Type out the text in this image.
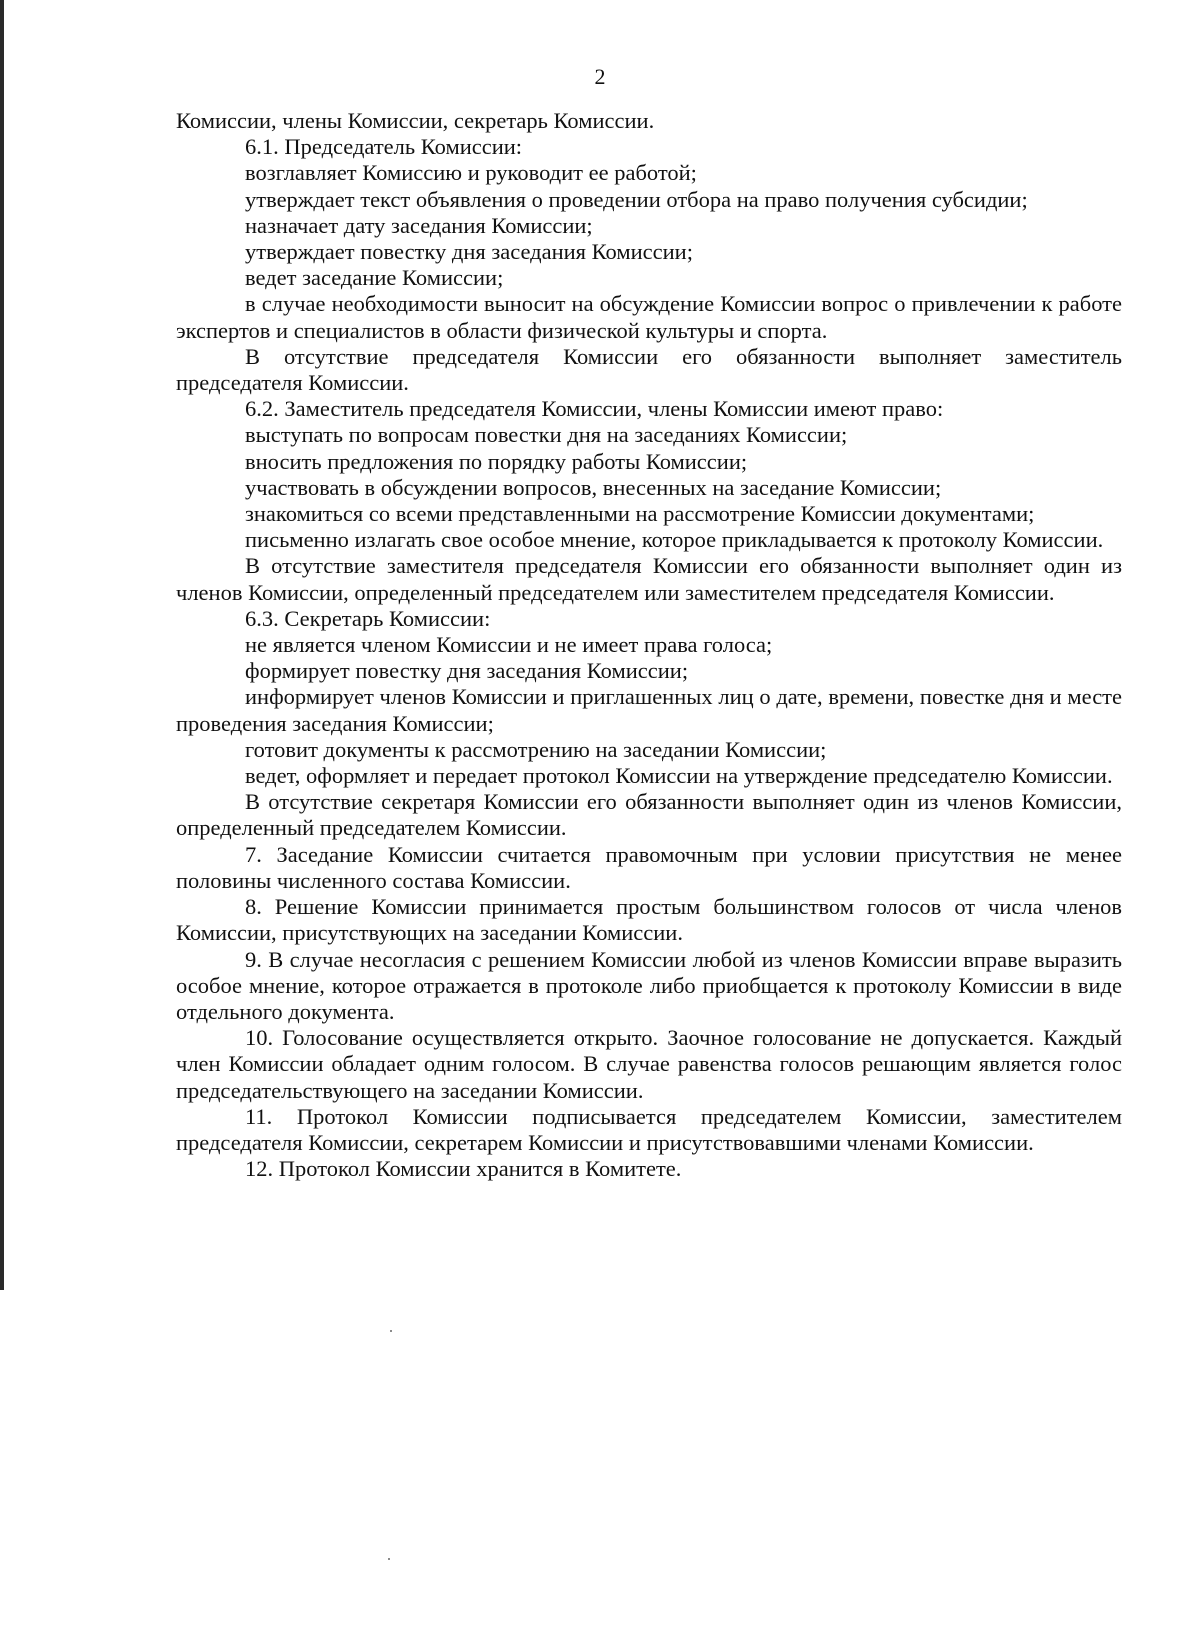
2

Комиссии, члены Комиссии, секретарь Комиссии.

6.1. Председатель Комиссии:

возглавляет Комиссию и руководит ее работой;

утверждает текст объявления о проведении отбора на право получения субсидии;

назначает дату заседания Комиссии;

утверждает повестку дня заседания Комиссии;

ведет заседание Комиссии;

в случае необходимости выносит на обсуждение Комиссии вопрос о привлечении к работе экспертов и специалистов в области физической культуры и спорта.

В отсутствие председателя Комиссии его обязанности выполняет заместитель председателя Комиссии.

6.2. Заместитель председателя Комиссии, члены Комиссии имеют право:

выступать по вопросам повестки дня на заседаниях Комиссии;

вносить предложения по порядку работы Комиссии;

участвовать в обсуждении вопросов, внесенных на заседание Комиссии;

знакомиться со всеми представленными на рассмотрение Комиссии документами;

письменно излагать свое особое мнение, которое прикладывается к протоколу Комиссии.

В отсутствие заместителя председателя Комиссии его обязанности выполняет один из членов Комиссии, определенный председателем или заместителем председателя Комиссии.

6.3. Секретарь Комиссии:

не является членом Комиссии и не имеет права голоса;

формирует повестку дня заседания Комиссии;

информирует членов Комиссии и приглашенных лиц о дате, времени, повестке дня и месте проведения заседания Комиссии;

готовит документы к рассмотрению на заседании Комиссии;

ведет, оформляет и передает протокол Комиссии на утверждение председателю Комиссии.

В отсутствие секретаря Комиссии его обязанности выполняет один из членов Комиссии, определенный председателем Комиссии.

7. Заседание Комиссии считается правомочным при условии присутствия не менее половины численного состава Комиссии.

8. Решение Комиссии принимается простым большинством голосов от числа членов Комиссии, присутствующих на заседании Комиссии.

9. В случае несогласия с решением Комиссии любой из членов Комиссии вправе выразить особое мнение, которое отражается в протоколе либо приобщается к протоколу Комиссии в виде отдельного документа.

10. Голосование осуществляется открыто. Заочное голосование не допускается. Каждый член Комиссии обладает одним голосом. В случае равенства голосов решающим является голос председательствующего на заседании Комиссии.

11. Протокол Комиссии подписывается председателем Комиссии, заместителем председателя Комиссии, секретарем Комиссии и присутствовавшими членами Комиссии.

12. Протокол Комиссии хранится в Комитете.
